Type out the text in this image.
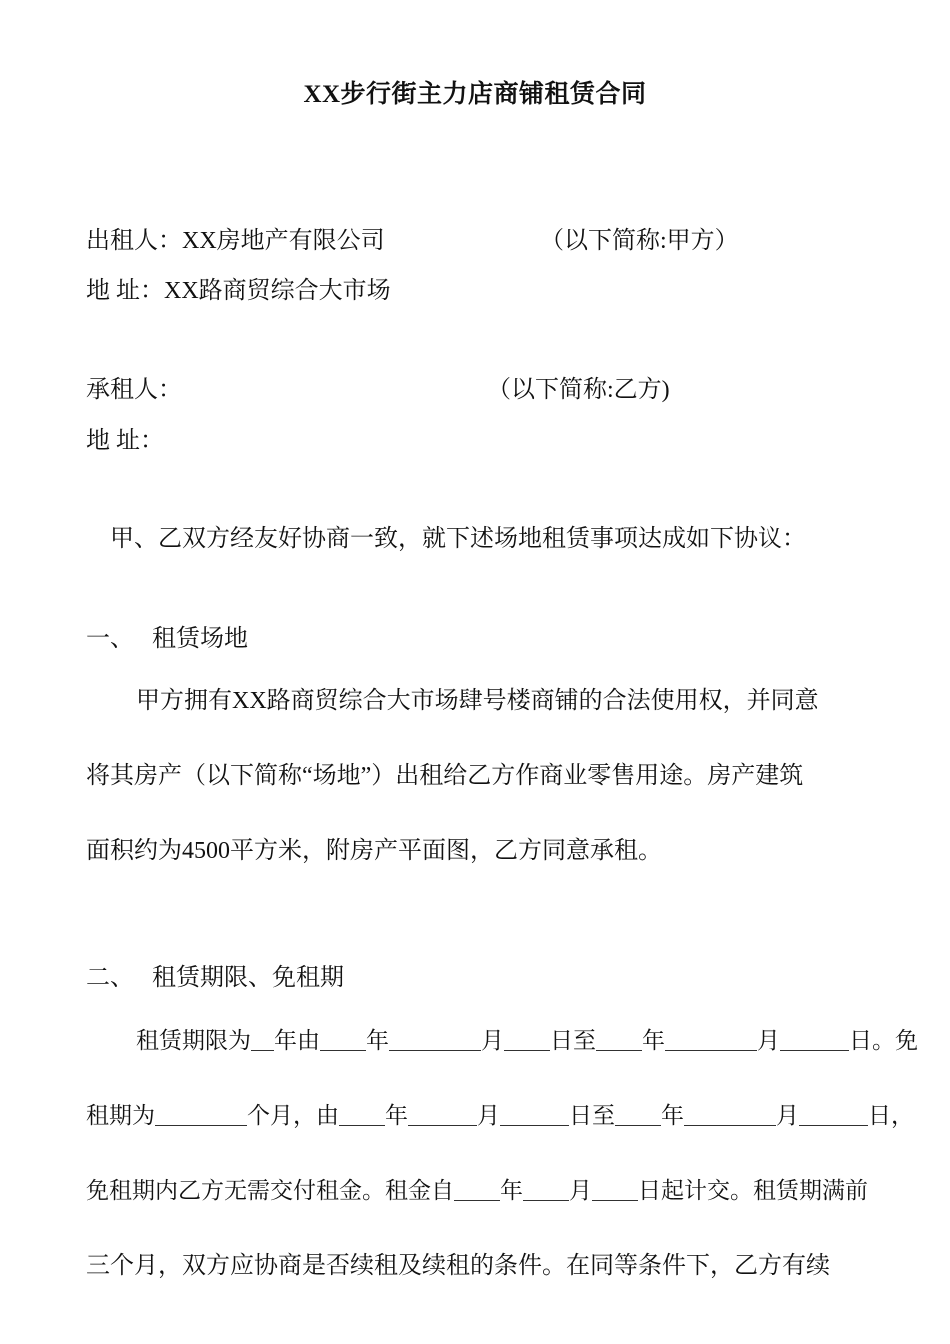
XX步行街主力店商铺租赁合同
出租人：XX房地产有限公司	（以下简称:甲方）
地 址：XX路商贸综合大市场
承租人：	（以下简称:乙方)
地 址：
甲、乙双方经友好协商一致，就下述场地租赁事项达成如下协议：
一、 租赁场地
甲方拥有XX路商贸综合大市场肆号楼商铺的合法使用权，并同意
将其房产（以下简称“场地”）出租给乙方作商业零售用途。房产建筑
面积约为4500平方米，附房产平面图，乙方同意承租。
二、 租赁期限、免租期
租赁期限为＿年由＿＿年＿＿＿＿月＿＿日至＿＿年＿＿＿＿月＿＿＿日。免
租期为＿＿＿＿个月，由＿＿年＿＿＿月＿＿＿日至＿＿年＿＿＿＿月＿＿＿日，
免租期内乙方无需交付租金。租金自＿＿年＿＿月＿＿日起计交。租赁期满前
三个月，双方应协商是否续租及续租的条件。在同等条件下，乙方有续
